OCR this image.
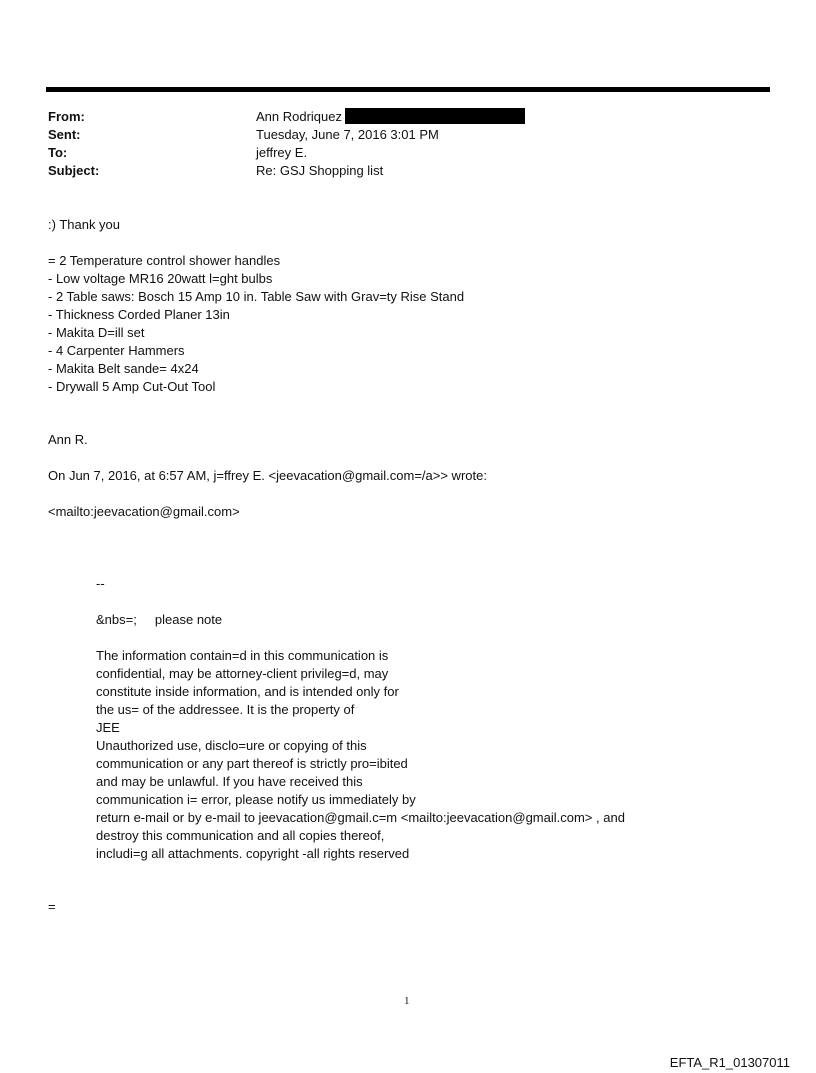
From:	Ann Rodriquez
Sent:	Tuesday, June 7, 2016 3:01 PM
To:	jeffrey E.
Subject:	Re: GSJ Shopping list
:) Thank you
= 2 Temperature control shower handles
- Low voltage MR16 20watt l=ght bulbs
- 2 Table saws: Bosch 15 Amp 10 in. Table Saw with Grav=ty Rise Stand
- Thickness Corded Planer 13in
- Makita D=ill set
- 4 Carpenter Hammers
- Makita Belt sande= 4x24
- Drywall 5 Amp Cut-Out Tool
Ann R.
On Jun 7, 2016, at 6:57 AM, j=ffrey E. <jeevacation@gmail.com=/a>> wrote:
<mailto:jeevacation@gmail.com>
--
&nbs=;     please note
The information contain=d in this communication is
confidential, may be attorney-client privileg=d, may
constitute inside information, and is intended only for
the us= of the addressee. It is the property of
JEE
Unauthorized use, disclo=ure or copying of this
communication or any part thereof is strictly pro=ibited
and may be unlawful. If you have received this
communication i= error, please notify us immediately by
return e-mail or by e-mail to jeevacation@gmail.c=m <mailto:jeevacation@gmail.com> , and
destroy this communication and all copies thereof,
includi=g all attachments. copyright -all rights reserved
=
1
EFTA_R1_01307011
